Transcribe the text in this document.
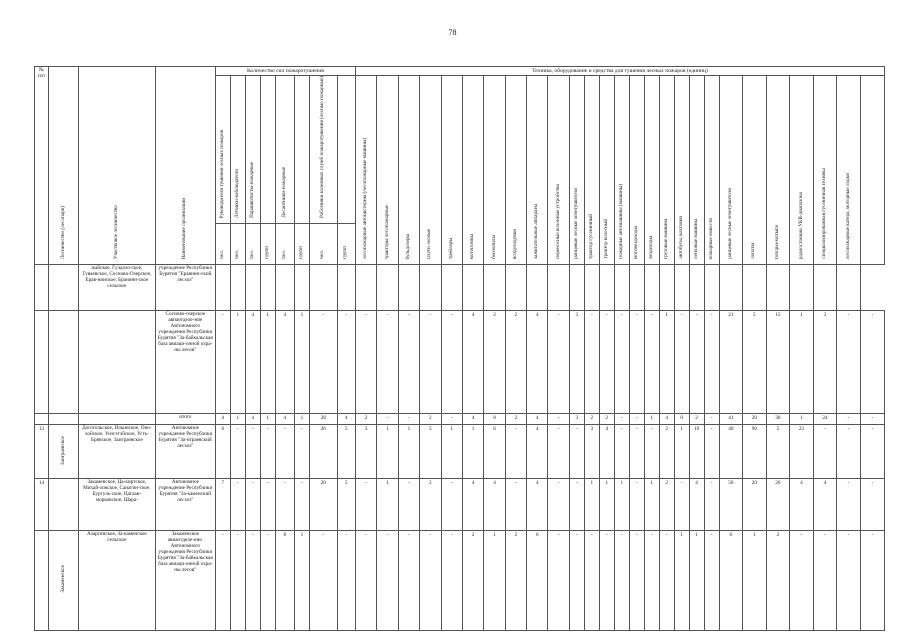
78
№ п/п	Лесничество (лесопарк)	Участковое лесничество	Наименование организации	Количество сил пожаротушения								Техника, оборудование и средства для тушения лесных пожаров (единиц)																										
				Руководители тушения лесных пожаров	Летчики-наблюдатели	Парашютисты-пожарные		Десантники-пожарные		Работники наземных служб пожаротушения (лесные пожарные)		лесопожарные автоцистерны (лесопожарные машины)	тракторы лесопожарные	бульдозеры	плуги лесные	трейлеры	мотопомпы	бензопилы	воздуходувки	зажигательные аппараты	переносные колонные устройства	ранцевые лесные огнетушители	трактор гусеничный	трактор колесный	пожарные автомашины (машины)	мотовездеходы	вездеходы	грузовые машины	автобусы, вахтовки	легковые машины	пожарные емкости	ранцевые лесные огнетушители	лопаты	топоры-мотыги	радиостанции УКВ-диапазона	специализированная гусеничная техника	лесопожарные катера, моторные лодки	
				чел.	чел.	чел.	групп	чел.	групп	чел.	групп																											
		жайское, Гулдозо-ское, Туваевское, Сосново-Озерское, Ерав-нинское, Бранинн-ское сельское	учреждение Республики Бурятия "Еравнин-ский лесхоз"																																			
			Сосново-озерское авиаотделе-ние Автономного учреждения Республики Бурятия "За-байкальская база авиаци-онной охра-ны лесов"	-	1	4	1	4	1	-	-	-	-	-	-	-	4	2	2	4	-	3	-	-	-	-	-	1	-	-	-	21	5	15	1	3	-	-
			итого	4	1	4	1	4	1	28	4	2	-	-	2	-	4	8	2	4	-	3	2	2	-	-	1	4	0	2	-	41	20	30	1	24	-	-
13	Заиграевское	Догогольское, Ильинское, Оно-хойское, Унэгэтэйское, Усть-Брянское, Заиграевское	Автономное учреждение Республики Бурятия "За-играевский лесхоз"	6	-	-	-	-	-	26	5	2	1	1	5	1	1	6	-	4	-	-	3	4	-	-	-	2	1	10	-	40	90	5	23	-	-	-
14		Закаменское, Ца-киртское, Михай-ловское, Санагин-ское, Бургуль-ское, Цагаан-морковское, Шара-	Автономное учреждение Республики Бурятия "За-каменский лесхоз"	7	-	-	-	-	-	20	5	-	1	-	2	-	4	4	-	4	-	-	1	1	1	-	1	2	-	4	-	50	20	20	4	4	-	-
	Закаменское	Азаргинское, За-каменское сельское	Закаменское авиаотделе-ние. Автономного учреждения Республики Бурятия "За-байкальская база авиаци-онной охра-ны лесов"	-	-	-	-	8	1	-	-	-	-	-	-	-	2	1	2	6	-	-	-	-	-	-	-	-	1	1	-	6	1	2	-	-	-	-
